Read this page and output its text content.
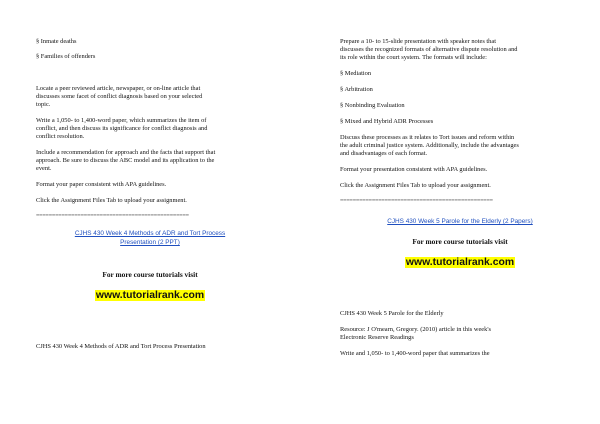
§ Inmate deaths
§ Families of offenders
Locate a peer reviewed article, newspaper, or on-line article that
discusses some facet of conflict diagnosis based on your selected
topic.
Write a 1,050- to 1,400-word paper, which summarizes the item of
conflict, and then discuss its significance for conflict diagnosis and
conflict resolution.
Include a recommendation for approach and the facts that support that
approach. Be sure to discuss the ABC model and its application to the
event.
Format your paper consistent with APA guidelines.
Click the Assignment Files Tab to upload your assignment.
================================================
CJHS 430 Week 4 Methods of ADR and Tort Process
Presentation (2 PPT)
For more course tutorials visit
www.tutorialrank.com
CJHS 430 Week 4 Methods of ADR and Tort Process Presentation
Prepare a 10- to 15-slide presentation with speaker notes that
discusses the recognized formats of alternative dispute resolution and
its role within the court system. The formats will include:
§ Mediation
§ Arbitration
§ Nonbinding Evaluation
§ Mixed and Hybrid ADR Processes
Discuss these processes as it relates to Tort issues and reform within
the adult criminal justice system. Additionally, include the advantages
and disadvantages of each format.
Format your presentation consistent with APA guidelines.
Click the Assignment Files Tab to upload your assignment.
================================================
CJHS 430 Week 5 Parole for the Elderly (2 Papers)
For more course tutorials visit
www.tutorialrank.com
CJHS 430 Week 5 Parole for the Elderly
Resource: J O'mearn, Gregory. (2010) article in this week's
Electronic Reserve Readings
Write and 1,050- to 1,400-word paper that summarizes the
